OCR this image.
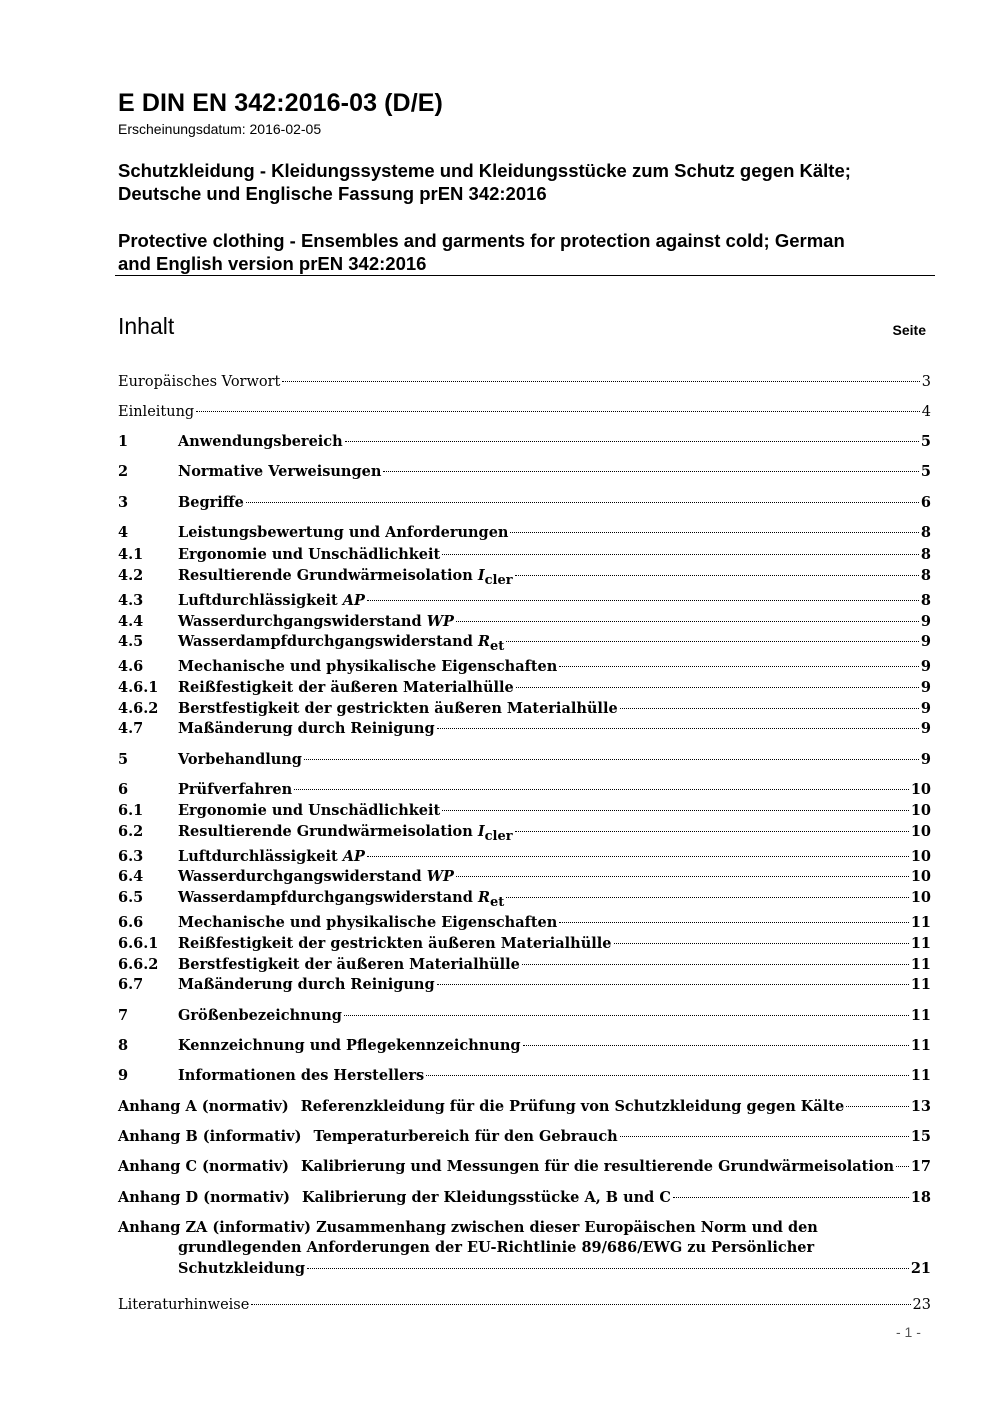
E DIN EN 342:2016-03 (D/E)
Erscheinungsdatum: 2016-02-05
Schutzkleidung - Kleidungssysteme und Kleidungsstücke zum Schutz gegen Kälte;
Deutsche und Englische Fassung prEN 342:2016
Protective clothing - Ensembles and garments for protection against cold; German
and English version prEN 342:2016
Inhalt	Seite
Europäisches Vorwort	3
Einleitung	4
1	Anwendungsbereich	5
2	Normative Verweisungen	5
3	Begriffe	6
4	Leistungsbewertung und Anforderungen	8
4.1	Ergonomie und Unschädlichkeit	8
4.2	Resultierende Grundwärmeisolation Icler	8
4.3	Luftdurchlässigkeit AP	8
4.4	Wasserdurchgangswiderstand WP	9
4.5	Wasserdampfdurchgangswiderstand Ret	9
4.6	Mechanische und physikalische Eigenschaften	9
4.6.1	Reißfestigkeit der äußeren Materialhülle	9
4.6.2	Berstfestigkeit der gestrickten äußeren Materialhülle	9
4.7	Maßänderung durch Reinigung	9
5	Vorbehandlung	9
6	Prüfverfahren	10
6.1	Ergonomie und Unschädlichkeit	10
6.2	Resultierende Grundwärmeisolation Icler	10
6.3	Luftdurchlässigkeit AP	10
6.4	Wasserdurchgangswiderstand WP	10
6.5	Wasserdampfdurchgangswiderstand Ret	10
6.6	Mechanische und physikalische Eigenschaften	11
6.6.1	Reißfestigkeit der gestrickten äußeren Materialhülle	11
6.6.2	Berstfestigkeit der äußeren Materialhülle	11
6.7	Maßänderung durch Reinigung	11
7	Größenbezeichnung	11
8	Kennzeichnung und Pflegekennzeichnung	11
9	Informationen des Herstellers	11
Anhang A (normativ) Referenzkleidung für die Prüfung von Schutzkleidung gegen Kälte	13
Anhang B (informativ) Temperaturbereich für den Gebrauch	15
Anhang C (normativ) Kalibrierung und Messungen für die resultierende Grundwärmeisolation 17
Anhang D (normativ) Kalibrierung der Kleidungsstücke A, B und C	18
Anhang ZA (informativ) Zusammenhang zwischen dieser Europäischen Norm und den
grundlegenden Anforderungen der EU-Richtlinie 89/686/EWG zu Persönlicher
Schutzkleidung	21
Literaturhinweise	23
- 1 -
